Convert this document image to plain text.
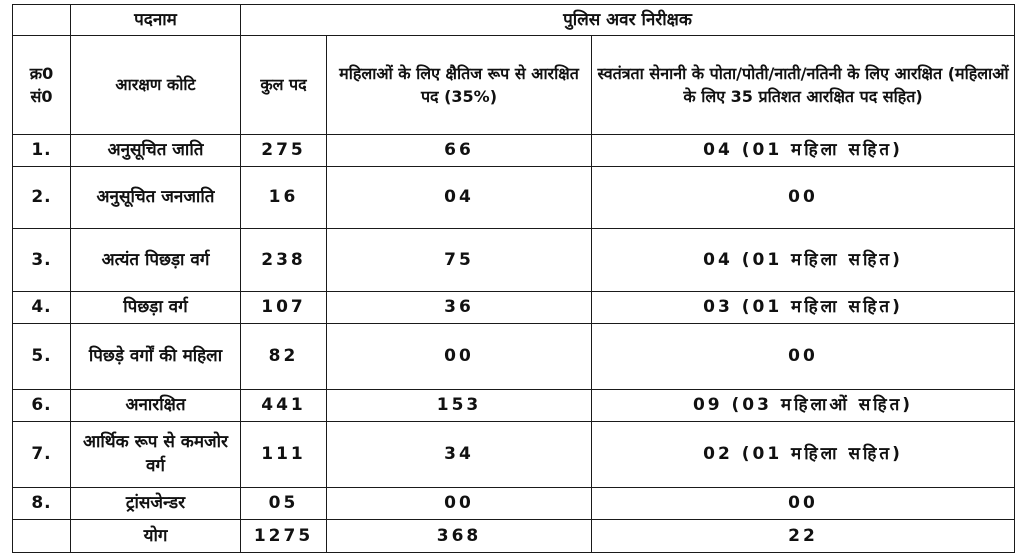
	पदनाम	पुलिस अवर निरीक्षक		
क्र0 सं0	आरक्षण कोटि	कुल पद	महिलाओं के लिए क्षैतिज रूप से आरक्षित पद (35%)	स्वतंत्रता सेनानी के पोता/पोती/नाती/नतिनी के लिए आरक्षित (महिलाओं के लिए 35 प्रतिशत आरक्षित पद सहित)
1.	अनुसूचित जाति	275	66	04 (01 महिला सहित)
2.	अनुसूचित जनजाति	16	04	00
3.	अत्यंत पिछड़ा वर्ग	238	75	04 (01 महिला सहित)
4.	पिछड़ा वर्ग	107	36	03 (01 महिला सहित)
5.	पिछड़े वर्गों की महिला	82	00	00
6.	अनारक्षित	441	153	09 (03 महिलाओं सहित)
7.	आर्थिक रूप से कमजोर वर्ग	111	34	02 (01 महिला सहित)
8.	ट्रांसजेन्डर	05	00	00
	योग	1275	368	22
